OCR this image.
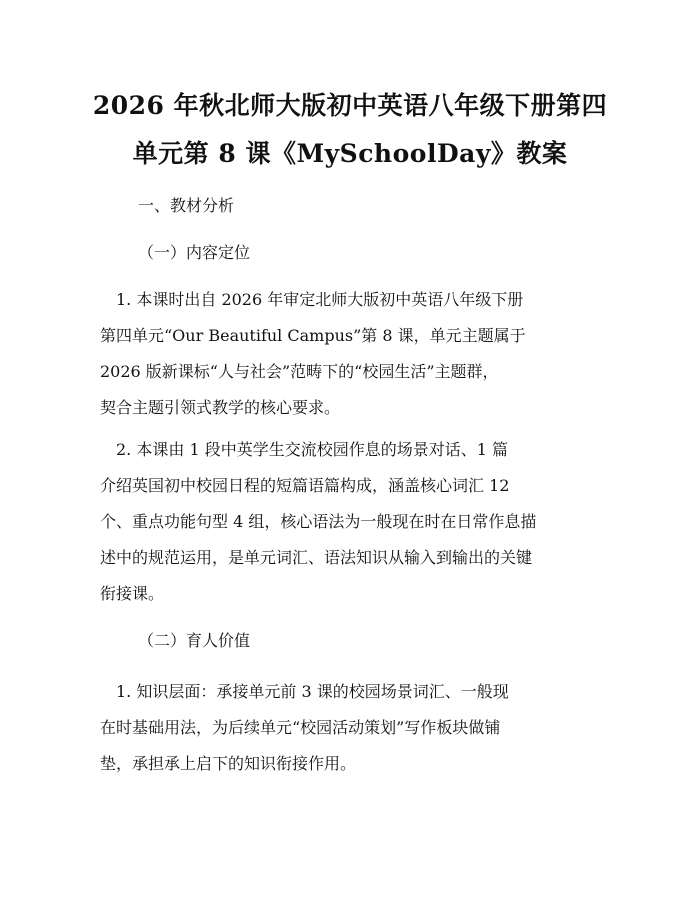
2026 年秋北师大版初中英语八年级下册第四
单元第 8 课《MySchoolDay》教案
一、教材分析
（一）内容定位
　1. 本课时出自 2026 年审定北师大版初中英语八年级下册
第四单元“Our Beautiful Campus”第 8 课，单元主题属于
2026 版新课标“人与社会”范畴下的“校园生活”主题群，
契合主题引领式教学的核心要求。
　2. 本课由 1 段中英学生交流校园作息的场景对话、1 篇
介绍英国初中校园日程的短篇语篇构成，涵盖核心词汇 12
个、重点功能句型 4 组，核心语法为一般现在时在日常作息描
述中的规范运用，是单元词汇、语法知识从输入到输出的关键
衔接课。
（二）育人价值
　1. 知识层面：承接单元前 3 课的校园场景词汇、一般现
在时基础用法，为后续单元“校园活动策划”写作板块做铺
垫，承担承上启下的知识衔接作用。
